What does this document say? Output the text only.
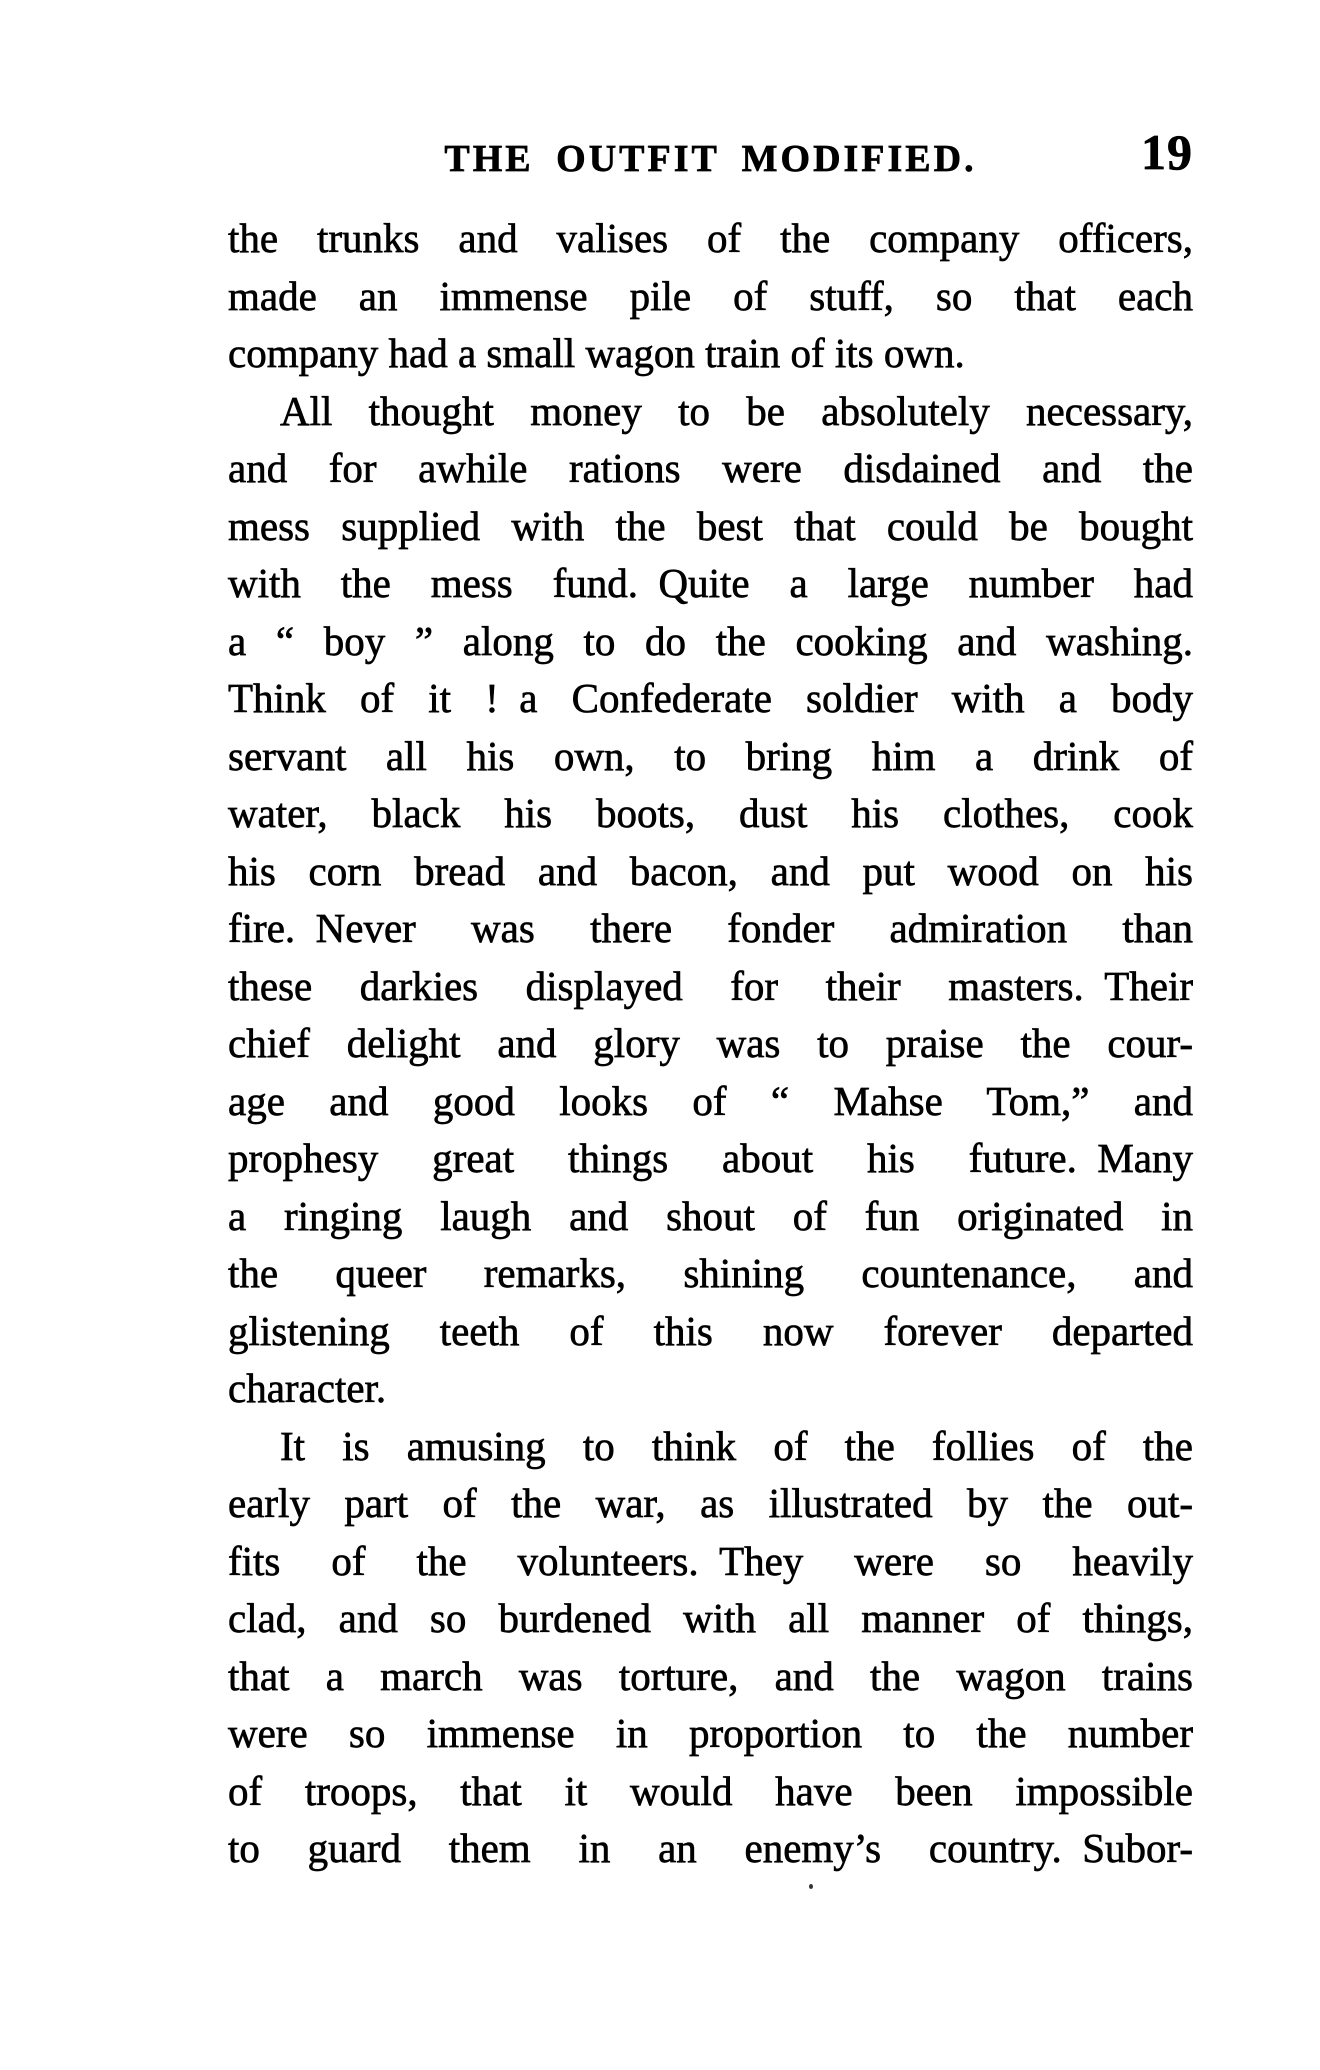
THE OUTFIT MODIFIED.	19
the trunks and valises of the company officers,
made an immense pile of stuff, so that each
company had a small wagon train of its own.
All thought money to be absolutely necessary,
and for awhile rations were disdained and the
mess supplied with the best that could be bought
with the mess fund. Quite a large number had
a “ boy ” along to do the cooking and washing.
Think of it ! a Confederate soldier with a body
servant all his own, to bring him a drink of
water, black his boots, dust his clothes, cook
his corn bread and bacon, and put wood on his
fire. Never was there fonder admiration than
these darkies displayed for their masters. Their
chief delight and glory was to praise the cour-
age and good looks of “ Mahse Tom,” and
prophesy great things about his future. Many
a ringing laugh and shout of fun originated in
the queer remarks, shining countenance, and
glistening teeth of this now forever departed
character.
It is amusing to think of the follies of the
early part of the war, as illustrated by the out-
fits of the volunteers. They were so heavily
clad, and so burdened with all manner of things,
that a march was torture, and the wagon trains
were so immense in proportion to the number
of troops, that it would have been impossible
to guard them in an enemy’s country. Subor-
